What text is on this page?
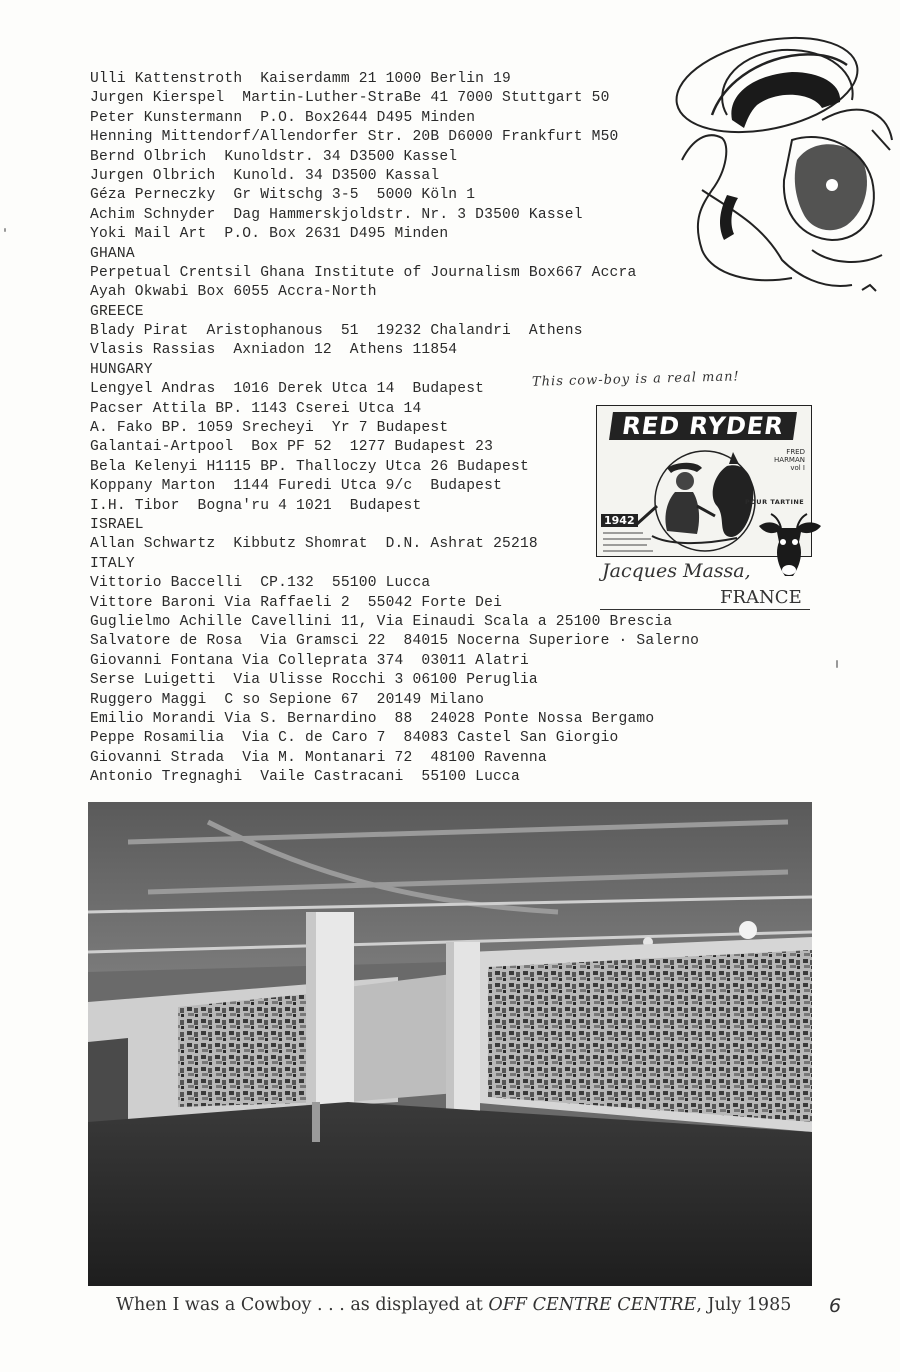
Ulli Kattenstroth  Kaiserdamm 21 1000 Berlin 19
Jurgen Kierspel  Martin-Luther-StraBe 41 7000 Stuttgart 50
Peter Kunstermann  P.O. Box2644 D495 Minden
Henning Mittendorf/Allendorfer Str. 20B D6000 Frankfurt M50
Bernd Olbrich  Kunoldstr. 34 D3500 Kassel
Jurgen Olbrich  Kunold. 34 D3500 Kassal
Géza Perneczky  Gr Witschg 3-5  5000 Köln 1
Achim Schnyder  Dag Hammerskjoldstr. Nr. 3 D3500 Kassel
Yoki Mail Art  P.O. Box 2631 D495 Minden
GHANA
Perpetual Crentsil Ghana Institute of Journalism Box667 Accra
Ayah Okwabi Box 6055 Accra-North
GREECE
Blady Pirat  Aristophanous  51  19232 Chalandri  Athens
Vlasis Rassias  Axniadon 12  Athens 11854
HUNGARY
Lengyel Andras  1016 Derek Utca 14  Budapest
Pacser Attila BP. 1143 Cserei Utca 14
A. Fako BP. 1059 Srecheyi  Yr 7 Budapest
Galantai-Artpool  Box PF 52  1277 Budapest 23
Bela Kelenyi H1115 BP. Thalloczy Utca 26 Budapest
Koppany Marton  1144 Furedi Utca 9/c  Budapest
I.H. Tibor  Bogna'ru 4 1021  Budapest
ISRAEL
Allan Schwartz  Kibbutz Shomrat  D.N. Ashrat 25218
ITALY
Vittorio Baccelli  CP.132  55100 Lucca
Vittore Baroni Via Raffaeli 2  55042 Forte Dei
Guglielmo Achille Cavellini 11, Via Einaudi Scala a 25100 Brescia
Salvatore de Rosa  Via Gramsci 22  84015 Nocerna Superiore · Salerno
Giovanni Fontana Via Colleprata 374  03011 Alatri
Serse Luigetti  Via Ulisse Rocchi 3 06100 Peruglia
Ruggero Maggi  C so Sepione 67  20149 Milano
Emilio Morandi Via S. Bernardino  88  24028 Ponte Nossa Bergamo
Peppe Rosamilia  Via C. de Caro 7  84083 Castel San Giorgio
Giovanni Strada  Via M. Montanari 72  48100 Ravenna
Antonio Tregnaghi  Vaile Castracani  55100 Lucca
This cow-boy is a real man!
RED RYDER
FRED
HARMAN
vol I
1942
POUR TARTINE
Jacques Massa,
FRANCE
When I was a Cowboy . . . as displayed at OFF CENTRE CENTRE, July 1985 6
